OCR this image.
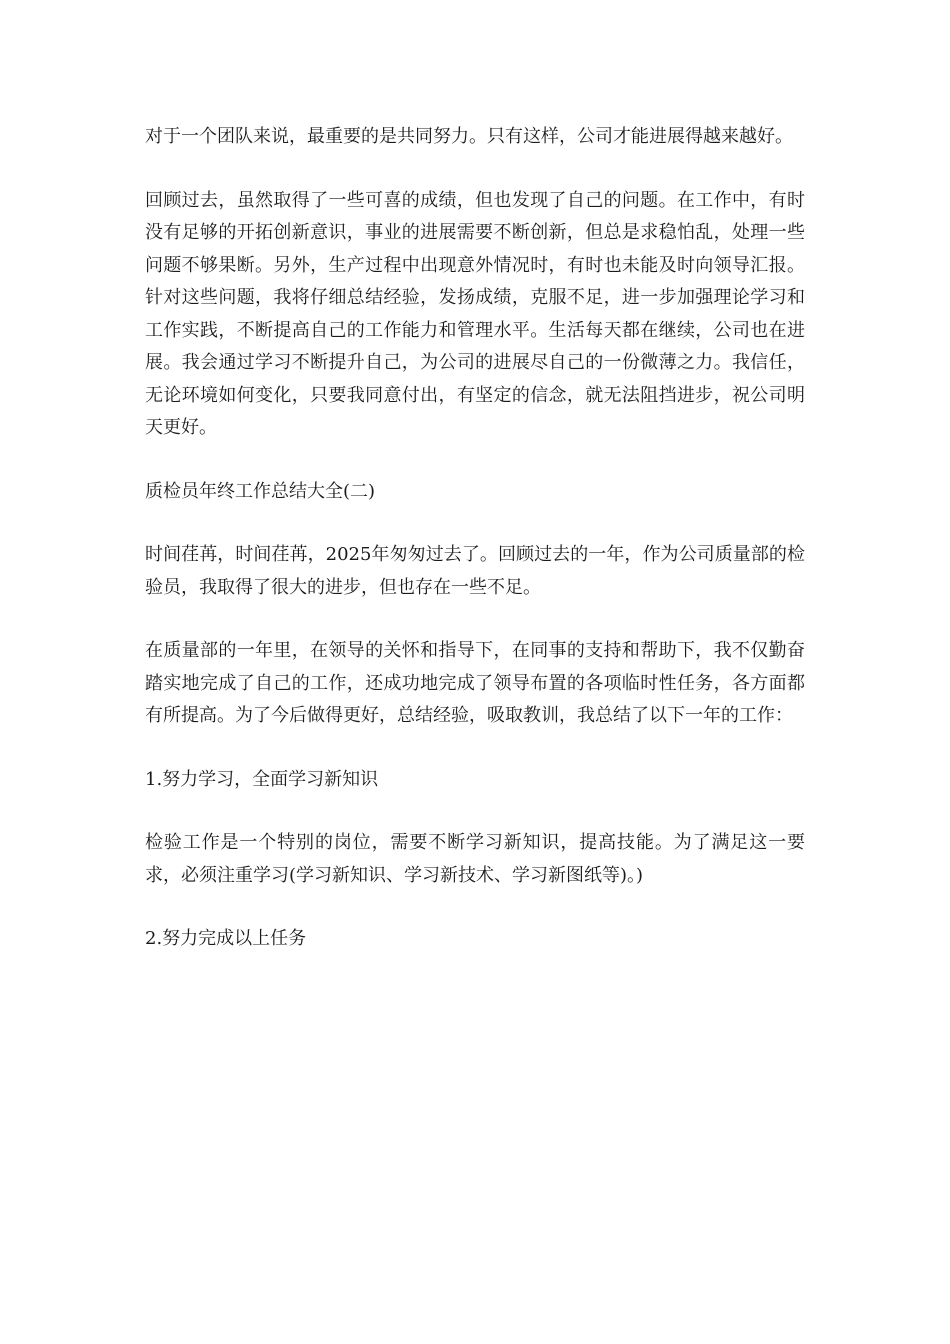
对于一个团队来说，最重要的是共同努力。只有这样，公司才能进展得越来越好。

回顾过去，虽然取得了一些可喜的成绩，但也发现了自己的问题。在工作中，有时没有足够的开拓创新意识，事业的进展需要不断创新，但总是求稳怕乱，处理一些问题不够果断。另外，生产过程中出现意外情况时，有时也未能及时向领导汇报。针对这些问题，我将仔细总结经验，发扬成绩，克服不足，进一步加强理论学习和工作实践，不断提高自己的工作能力和管理水平。生活每天都在继续，公司也在进展。我会通过学习不断提升自己，为公司的进展尽自己的一份微薄之力。我信任，无论环境如何变化，只要我同意付出，有坚定的信念，就无法阻挡进步，祝公司明天更好。

质检员年终工作总结大全(二)

时间荏苒，时间荏苒，2025年匆匆过去了。回顾过去的一年，作为公司质量部的检验员，我取得了很大的进步，但也存在一些不足。

在质量部的一年里，在领导的关怀和指导下，在同事的支持和帮助下，我不仅勤奋踏实地完成了自己的工作，还成功地完成了领导布置的各项临时性任务，各方面都有所提高。为了今后做得更好，总结经验，吸取教训，我总结了以下一年的工作：

1.努力学习，全面学习新知识

检验工作是一个特别的岗位，需要不断学习新知识，提高技能。为了满足这一要求，必须注重学习(学习新知识、学习新技术、学习新图纸等)。)

2.努力完成以上任务
